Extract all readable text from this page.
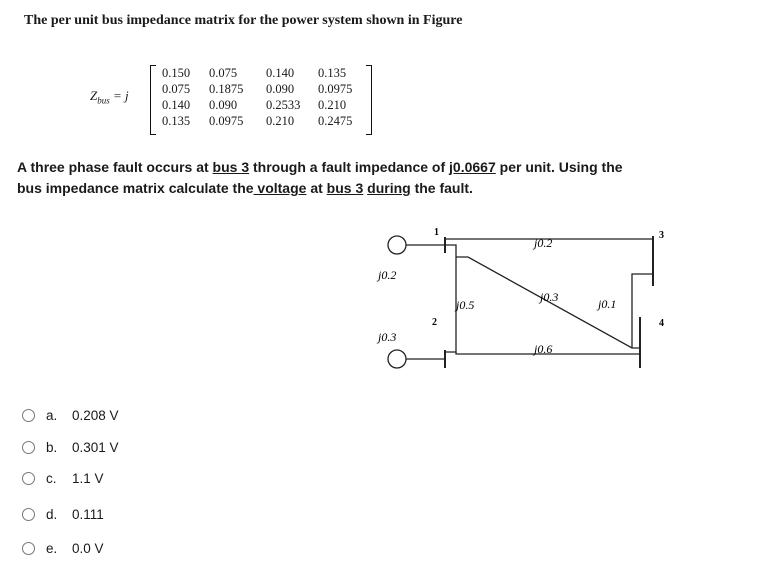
The per unit bus impedance matrix for the power system shown in Figure
$Z_{bus} = j$
0.150 0.075 0.140 0.135
0.075 0.1875 0.090 0.0975
0.140 0.090 0.2533 0.210
0.135 0.0975 0.210 0.2475
A three phase fault occurs at bus 3 through a fault impedance of j0.0667 per unit. Using the bus impedance matrix calculate the voltage at bus 3 during the fault.
1
2
3
4
j0.2
j0.3
j0.5
j0.2
j0.3
j0.6
j0.1
a.	0.208 V
b.	0.301 V
c.	1.1 V
d.	0.111
e.	0.0 V
